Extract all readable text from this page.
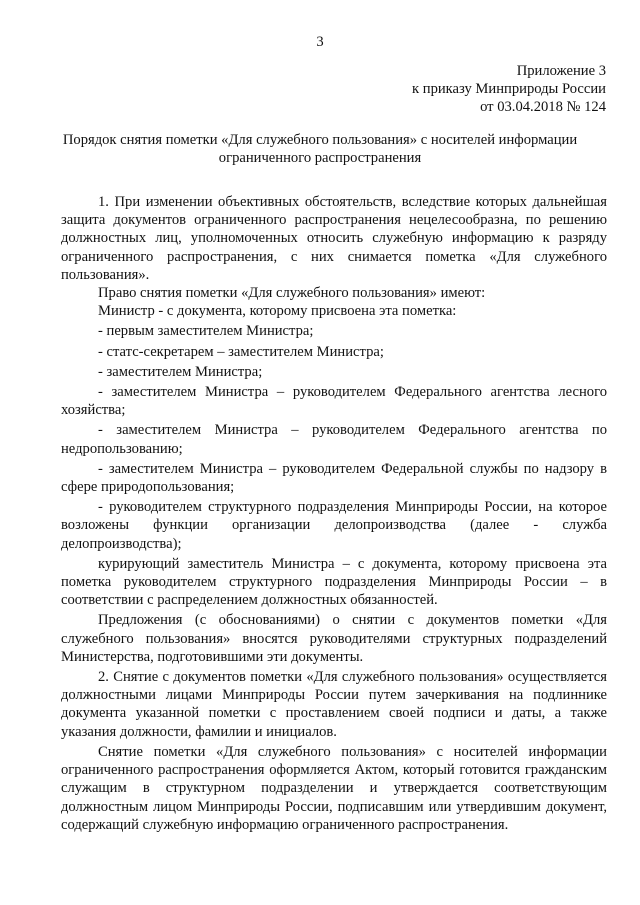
3
Приложение 3
к приказу Минприроды России
от 03.04.2018 № 124
Порядок снятия пометки «Для служебного пользования» с носителей информации
ограниченного распространения

1. При изменении объективных обстоятельств, вследствие которых дальнейшая защита документов ограниченного распространения нецелесообразна, по решению должностных лиц, уполномоченных относить служебную информацию к разряду ограниченного распространения, с них снимается пометка «Для служебного пользования».

Право снятия пометки «Для служебного пользования» имеют:

Министр - с документа, которому присвоена эта пометка:

- первым заместителем Министра;

- статс-секретарем – заместителем Министра;

- заместителем Министра;

- заместителем Министра – руководителем Федерального агентства лесного хозяйства;

- заместителем Министра – руководителем Федерального агентства по недропользованию;

- заместителем Министра – руководителем Федеральной службы по надзору в сфере природопользования;

- руководителем структурного подразделения Минприроды России, на которое возложены функции организации делопроизводства (далее - служба делопроизводства);

курирующий заместитель Министра – с документа, которому присвоена эта пометка руководителем структурного подразделения Минприроды России – в соответствии с распределением должностных обязанностей.

Предложения (с обоснованиями) о снятии с документов пометки «Для служебного пользования» вносятся руководителями структурных подразделений Министерства, подготовившими эти документы.

2. Снятие с документов пометки «Для служебного пользования» осуществляется должностными лицами Минприроды России путем зачеркивания на подлиннике документа указанной пометки с проставлением своей подписи и даты, а также указания должности, фамилии и инициалов.

Снятие пометки «Для служебного пользования» с носителей информации ограниченного распространения оформляется Актом, который готовится гражданским служащим в структурном подразделении и утверждается соответствующим должностным лицом Минприроды России, подписавшим или утвердившим документ, содержащий служебную информацию ограниченного распространения.
